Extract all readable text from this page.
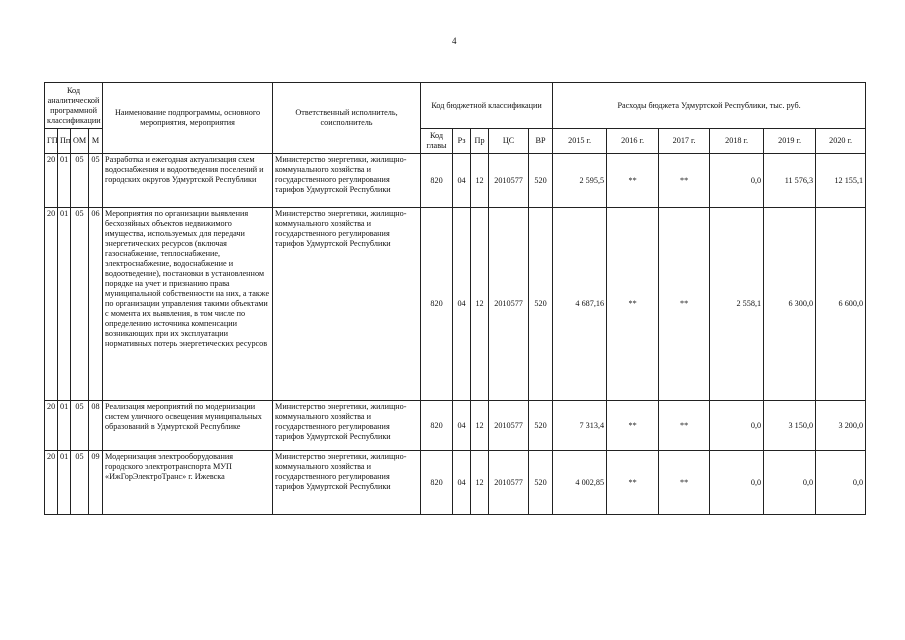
4
Код аналитической программной классификации				Наименование подпрограммы, основного мероприятия, мероприятия	Ответственный исполнитель, соисполнитель	Код бюджетной классификации					Расходы бюджета Удмуртской Республики, тыс. руб.					
ГП	Пп	ОМ	М			Код главы	Рз	Пр	ЦС	ВР	2015 г.	2016 г.	2017 г.	2018 г.	2019 г.	2020 г.
20	01	05	05	Разработка и ежегодная актуализация схем водоснабжения и водоотведения поселений и городских округов Удмуртской Республики	Министерство энергетики, жилищно-коммунального хозяйства и государственного регулирования тарифов Удмуртской Республики	820	04	12	2010577	520	2 595,5	**	**	0,0	11 576,3	12 155,1
20	01	05	06	Мероприятия по организации выявления бесхозяйных объектов недвижимого имущества, используемых для передачи энергетических ресурсов (включая газоснабжение, теплоснабжение, электроснабжение, водоснабжение и водоотведение), постановки в установленном порядке на учет и признанию права муниципальной собственности на них, а также по организации управления такими объектами с момента их выявления, в том числе по определению источника компенсации возникающих при их эксплуатации нормативных потерь энергетических ресурсов	Министерство энергетики, жилищно-коммунального хозяйства и государственного регулирования тарифов Удмуртской Республики	820	04	12	2010577	520	4 687,16	**	**	2 558,1	6 300,0	6 600,0
20	01	05	08	Реализация мероприятий по модернизации систем уличного освещения муниципальных образований в Удмуртской Республике	Министерство энергетики, жилищно-коммунального хозяйства и государственного регулирования тарифов Удмуртской Республики	820	04	12	2010577	520	7 313,4	**	**	0,0	3 150,0	3 200,0
20	01	05	09	Модернизация электрооборудования городского электротранспорта МУП «ИжГорЭлектроТранс» г. Ижевска	Министерство энергетики, жилищно-коммунального хозяйства и государственного регулирования тарифов Удмуртской Республики	820	04	12	2010577	520	4 002,85	**	**	0,0	0,0	0,0
